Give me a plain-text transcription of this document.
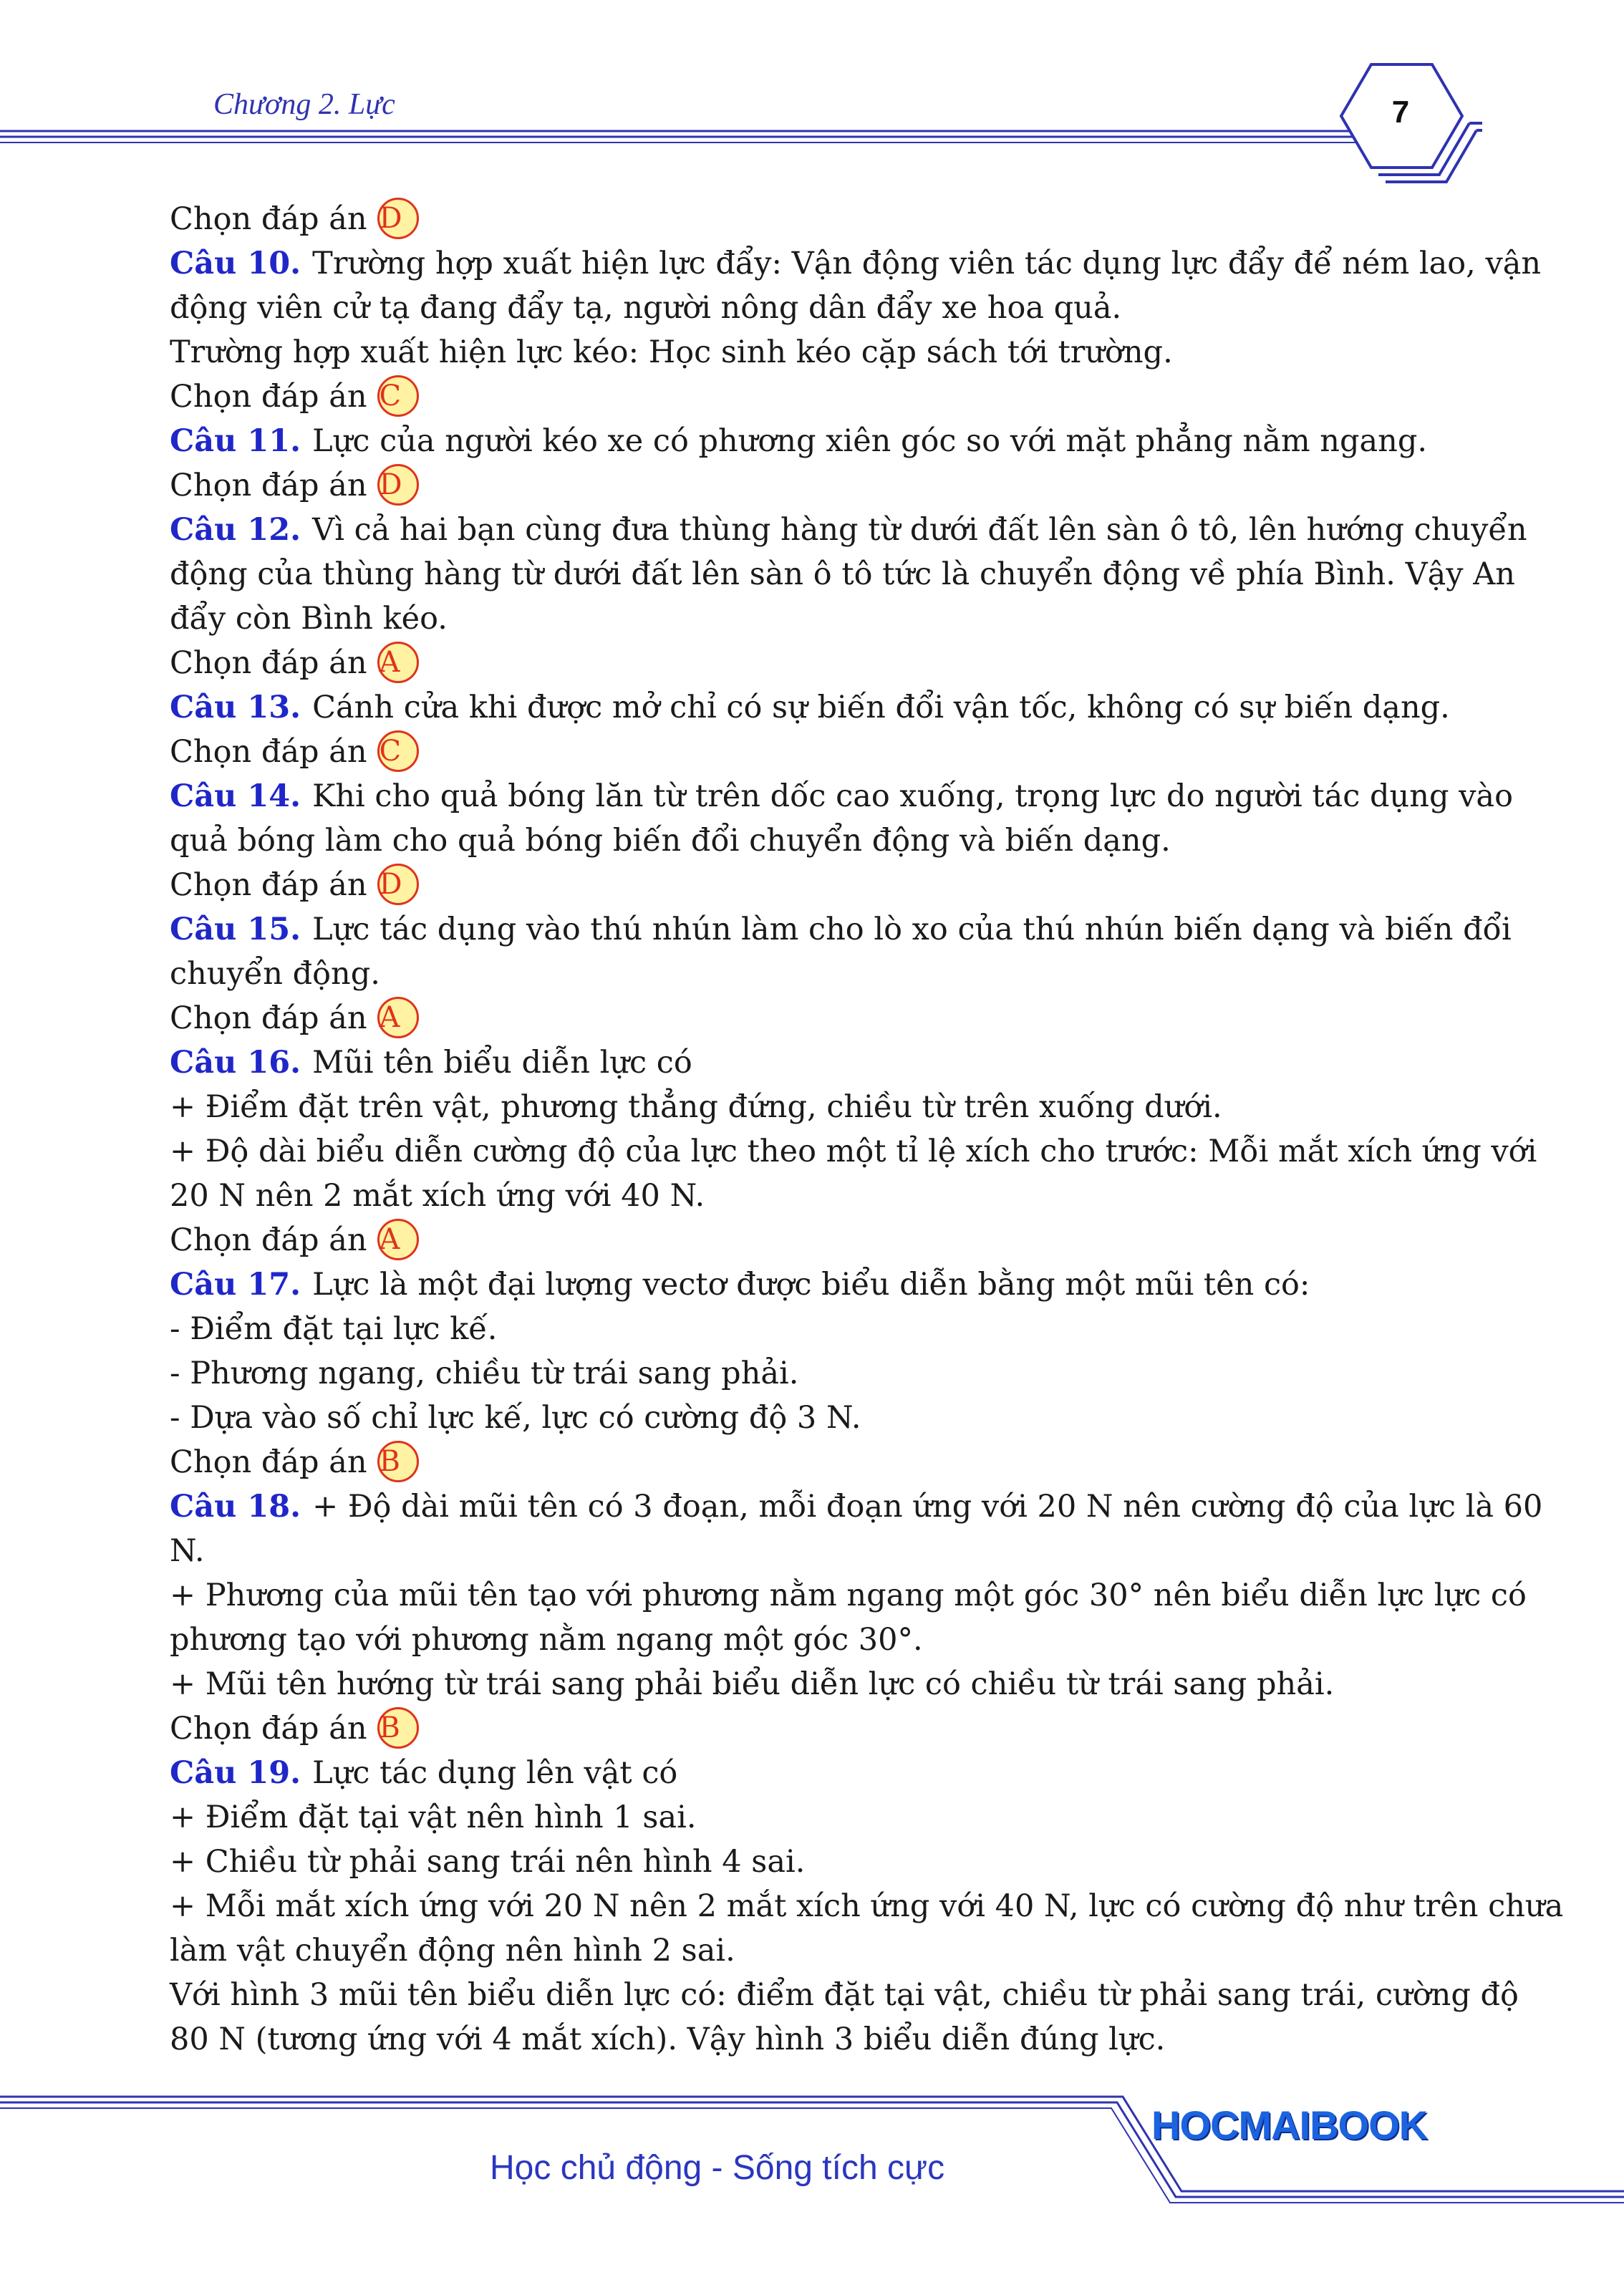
Chương 2. Lực	7
Chọn đáp án D
Câu 10. Trường hợp xuất hiện lực đẩy: Vận động viên tác dụng lực đẩy để ném lao, vận
động viên cử tạ đang đẩy tạ, người nông dân đẩy xe hoa quả.
Trường hợp xuất hiện lực kéo: Học sinh kéo cặp sách tới trường.
Chọn đáp án C
Câu 11. Lực của người kéo xe có phương xiên góc so với mặt phẳng nằm ngang.
Chọn đáp án D
Câu 12. Vì cả hai bạn cùng đưa thùng hàng từ dưới đất lên sàn ô tô, lên hướng chuyển
động của thùng hàng từ dưới đất lên sàn ô tô tức là chuyển động về phía Bình. Vậy An
đẩy còn Bình kéo.
Chọn đáp án A
Câu 13. Cánh cửa khi được mở chỉ có sự biến đổi vận tốc, không có sự biến dạng.
Chọn đáp án C
Câu 14. Khi cho quả bóng lăn từ trên dốc cao xuống, trọng lực do người tác dụng vào
quả bóng làm cho quả bóng biến đổi chuyển động và biến dạng.
Chọn đáp án D
Câu 15. Lực tác dụng vào thú nhún làm cho lò xo của thú nhún biến dạng và biến đổi
chuyển động.
Chọn đáp án A
Câu 16. Mũi tên biểu diễn lực có
+ Điểm đặt trên vật, phương thẳng đứng, chiều từ trên xuống dưới.
+ Độ dài biểu diễn cường độ của lực theo một tỉ lệ xích cho trước: Mỗi mắt xích ứng với
20 N nên 2 mắt xích ứng với 40 N.
Chọn đáp án A
Câu 17. Lực là một đại lượng vectơ được biểu diễn bằng một mũi tên có:
- Điểm đặt tại lực kế.
- Phương ngang, chiều từ trái sang phải.
- Dựa vào số chỉ lực kế, lực có cường độ 3 N.
Chọn đáp án B
Câu 18. + Độ dài mũi tên có 3 đoạn, mỗi đoạn ứng với 20 N nên cường độ của lực là 60
N.
+ Phương của mũi tên tạo với phương nằm ngang một góc 30° nên biểu diễn lực lực có
phương tạo với phương nằm ngang một góc 30°.
+ Mũi tên hướng từ trái sang phải biểu diễn lực có chiều từ trái sang phải.
Chọn đáp án B
Câu 19. Lực tác dụng lên vật có
+ Điểm đặt tại vật nên hình 1 sai.
+ Chiều từ phải sang trái nên hình 4 sai.
+ Mỗi mắt xích ứng với 20 N nên 2 mắt xích ứng với 40 N, lực có cường độ như trên chưa
làm vật chuyển động nên hình 2 sai.
Với hình 3 mũi tên biểu diễn lực có: điểm đặt tại vật, chiều từ phải sang trái, cường độ
80 N (tương ứng với 4 mắt xích). Vậy hình 3 biểu diễn đúng lực.
HOCMAIBOOK
Học chủ động - Sống tích cực
